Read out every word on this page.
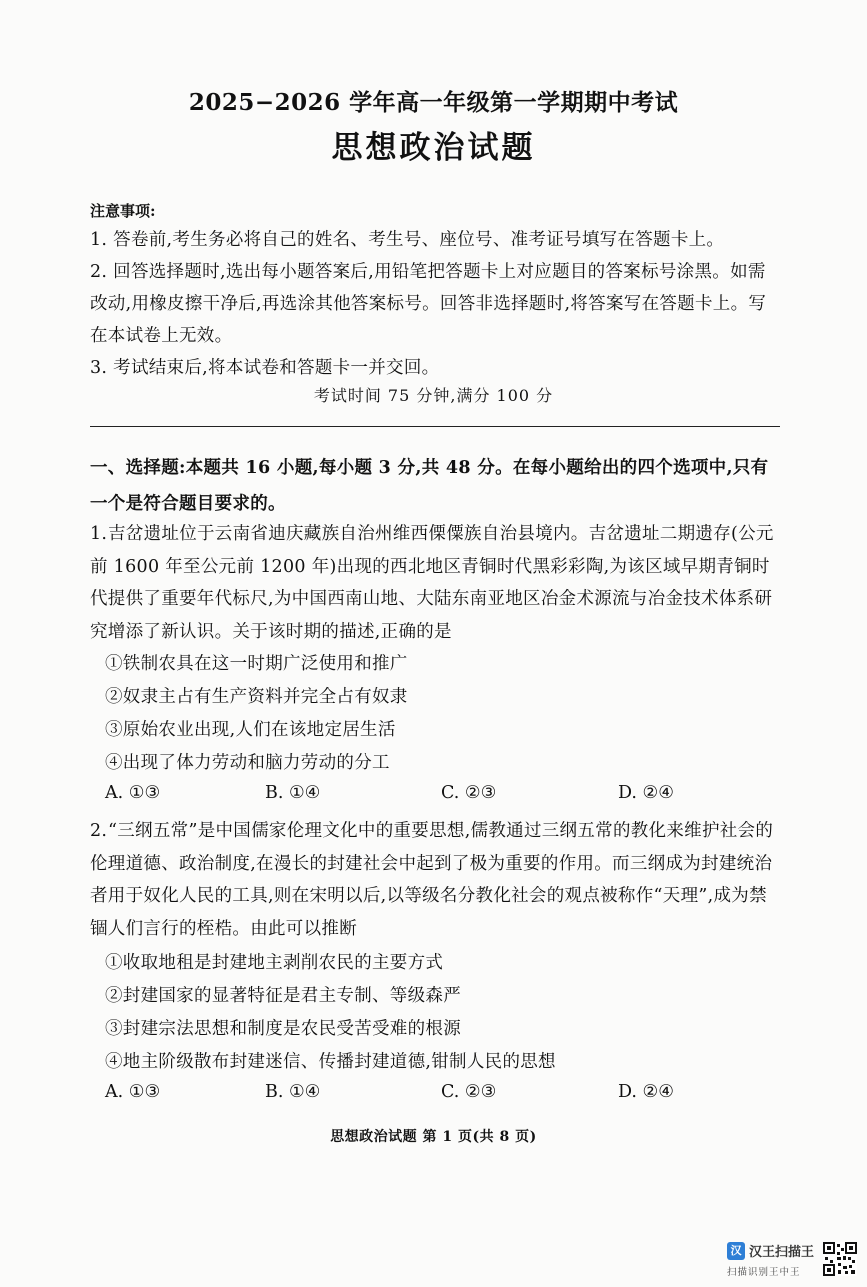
2025−2026 学年高一年级第一学期期中考试
思想政治试题
注意事项:
1. 答卷前,考生务必将自己的姓名、考生号、座位号、准考证号填写在答题卡上。
2. 回答选择题时,选出每小题答案后,用铅笔把答题卡上对应题目的答案标号涂黑。如需改动,用橡皮擦干净后,再选涂其他答案标号。回答非选择题时,将答案写在答题卡上。写在本试卷上无效。
3. 考试结束后,将本试卷和答题卡一并交回。
考试时间 75 分钟,满分 100 分
一、选择题:本题共 16 小题,每小题 3 分,共 48 分。在每小题给出的四个选项中,只有一个是符合题目要求的。
1.吉岔遗址位于云南省迪庆藏族自治州维西傈僳族自治县境内。吉岔遗址二期遗存(公元前 1600 年至公元前 1200 年)出现的西北地区青铜时代黑彩彩陶,为该区域早期青铜时代提供了重要年代标尺,为中国西南山地、大陆东南亚地区冶金术源流与冶金技术体系研究增添了新认识。关于该时期的描述,正确的是
①铁制农具在这一时期广泛使用和推广
②奴隶主占有生产资料并完全占有奴隶
③原始农业出现,人们在该地定居生活
④出现了体力劳动和脑力劳动的分工
A. ①③	B. ①④	C. ②③	D. ②④
2.“三纲五常”是中国儒家伦理文化中的重要思想,儒教通过三纲五常的教化来维护社会的伦理道德、政治制度,在漫长的封建社会中起到了极为重要的作用。而三纲成为封建统治者用于奴化人民的工具,则在宋明以后,以等级名分教化社会的观点被称作“天理”,成为禁锢人们言行的桎梏。由此可以推断
①收取地租是封建地主剥削农民的主要方式
②封建国家的显著特征是君主专制、等级森严
③封建宗法思想和制度是农民受苦受难的根源
④地主阶级散布封建迷信、传播封建道德,钳制人民的思想
A. ①③	B. ①④	C. ②③	D. ②④
思想政治试题 第 1 页(共 8 页)
汉 汉王扫描王
扫描识别王中王
